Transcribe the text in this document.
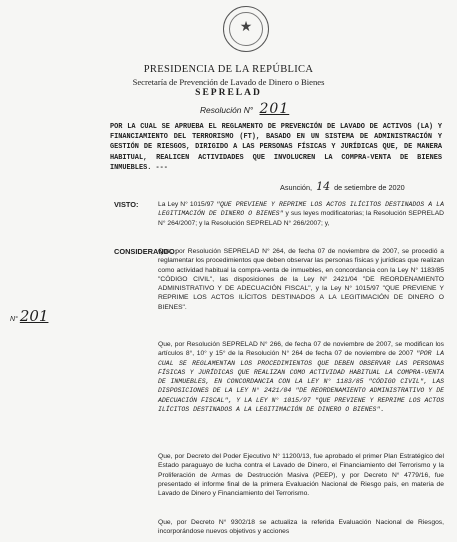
★
PRESIDENCIA DE LA REPÚBLICA
Secretaría de Prevención de Lavado de Dinero o Bienes
SEPRELAD
Resolución N° 201
POR LA CUAL SE APRUEBA EL REGLAMENTO DE PREVENCIÓN DE LAVADO DE ACTIVOS (LA) Y FINANCIAMIENTO DEL TERRORISMO (FT), BASADO EN UN SISTEMA DE ADMINISTRACIÓN Y GESTIÓN DE RIESGOS, DIRIGIDO A LAS PERSONAS FÍSICAS Y JURÍDICAS QUE, DE MANERA HABITUAL, REALICEN ACTIVIDADES QUE INVOLUCREN LA COMPRA-VENTA DE BIENES INMUEBLES. ---
Asunción, 14 de setiembre de 2020
VISTO:	La Ley N° 1015/97 "QUE PREVIENE Y REPRIME LOS ACTOS ILÍCITOS DESTINADOS A LA LEGITIMACIÓN DE DINERO O BIENES" y sus leyes modificatorias; la Resolución SEPRELAD N° 264/2007; y la Resolución SEPRELAD N° 266/2007; y,
CONSIDERANDO:
Que, por Resolución SEPRELAD N° 264, de fecha 07 de noviembre de 2007, se procedió a reglamentar los procedimientos que deben observar las personas físicas y jurídicas que realizan como actividad habitual la compra-venta de inmuebles, en concordancia con la Ley N° 1183/85 "CÓDIGO CIVIL", las disposiciones de la Ley N° 2421/04 "DE REORDENAMIENTO ADMINISTRATIVO Y DE ADECUACIÓN FISCAL", y la Ley N° 1015/97 "QUE PREVIENE Y REPRIME LOS ACTOS ILÍCITOS DESTINADOS A LA LEGITIMACIÓN DE DINERO O BIENES".
Que, por Resolución SEPRELAD N° 266, de fecha 07 de noviembre de 2007, se modifican los artículos 8°, 10° y 15° de la Resolución N° 264 de fecha 07 de noviembre de 2007 "POR LA CUAL SE REGLAMENTAN LOS PROCEDIMIENTOS QUE DEBEN OBSERVAR LAS PERSONAS FÍSICAS Y JURÍDICAS QUE REALIZAN COMO ACTIVIDAD HABITUAL LA COMPRA-VENTA DE INMUEBLES, EN CONCORDANCIA CON LA LEY N° 1183/85 "CÓDIGO CIVIL", LAS DISPOSICIONES DE LA LEY N° 2421/04 "DE REORDENAMIENTO ADMINISTRATIVO Y DE ADECUACIÓN FISCAL", Y LA LEY N° 1015/97 "QUE PREVIENE Y REPRIME LOS ACTOS ILÍCITOS DESTINADOS A LA LEGITIMACIÓN DE DINERO O BIENES".
Que, por Decreto del Poder Ejecutivo N° 11200/13, fue aprobado el primer Plan Estratégico del Estado paraguayo de lucha contra el Lavado de Dinero, el Financiamiento del Terrorismo y la Proliferación de Armas de Destrucción Masiva (PEEP), y por Decreto N° 4779/16, fue presentado el informe final de la primera Evaluación Nacional de Riesgo país, en materia de Lavado de Dinero y Financiamiento del Terrorismo.
Que, por Decreto N° 9302/18 se actualiza la referida Evaluación Nacional de Riesgos, incorporándose nuevos objetivos y acciones
N° 201
